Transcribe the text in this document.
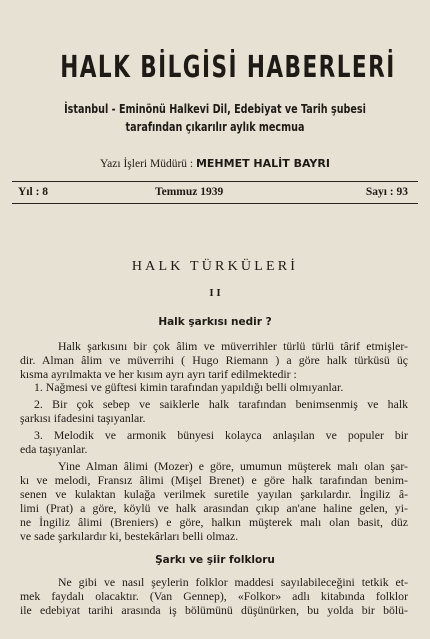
HALK BİLGİSİ HABERLERİ
İstanbul - Eminönü Halkevi Dil, Edebiyat ve Tarih şubesi
tarafından çıkarılır aylık mecmua
Yazı İşleri Müdürü : MEHMET HALİT BAYRI
Yıl : 8	Temmuz 1939	Sayı : 93
HALK TÜRKÜLERİ
I I
Halk şarkısı nedir ?
Halk şarkısını bir çok âlim ve müverrihler türlü türlü târif etmişler-
dir. Alman âlim ve müverrihi ( Hugo Riemann ) a göre halk türküsü üç
kısma ayrılmakta ve her kısım ayrı ayrı tarif edilmektedir :
1. Nağmesi ve güftesi kimin tarafından yapıldığı belli olmıyanlar.
2. Bir çok sebep ve saiklerle halk tarafından benimsenmiş ve halk
şarkısı ifadesini taşıyanlar.
3. Melodik ve armonik bünyesi kolayca anlaşılan ve populer bir
eda taşıyanlar.
Yine Alman âlimi (Mozer) e göre, umumun müşterek malı olan şar-
kı ve melodi, Fransız âlimi (Mişel Brenet) e göre halk tarafından benim-
senen ve kulaktan kulağa verilmek suretile yayılan şarkılardır. İngiliz â-
limi (Prat) a göre, köylü ve halk arasından çıkıp an'ane haline gelen, yi-
ne İngiliz âlimi (Breniers) e göre, halkın müşterek malı olan basit, düz
ve sade şarkılardır ki, bestekârları belli olmaz.
Şarkı ve şiir folkloru
Ne gibi ve nasıl şeylerin folklor maddesi sayılabileceğini tetkik et-
mek faydalı olacaktır. (Van Gennep), «Folkor» adlı kitabında folklor
ile edebiyat tarihi arasında iş bölümünü düşünürken, bu yolda bir bölü-
